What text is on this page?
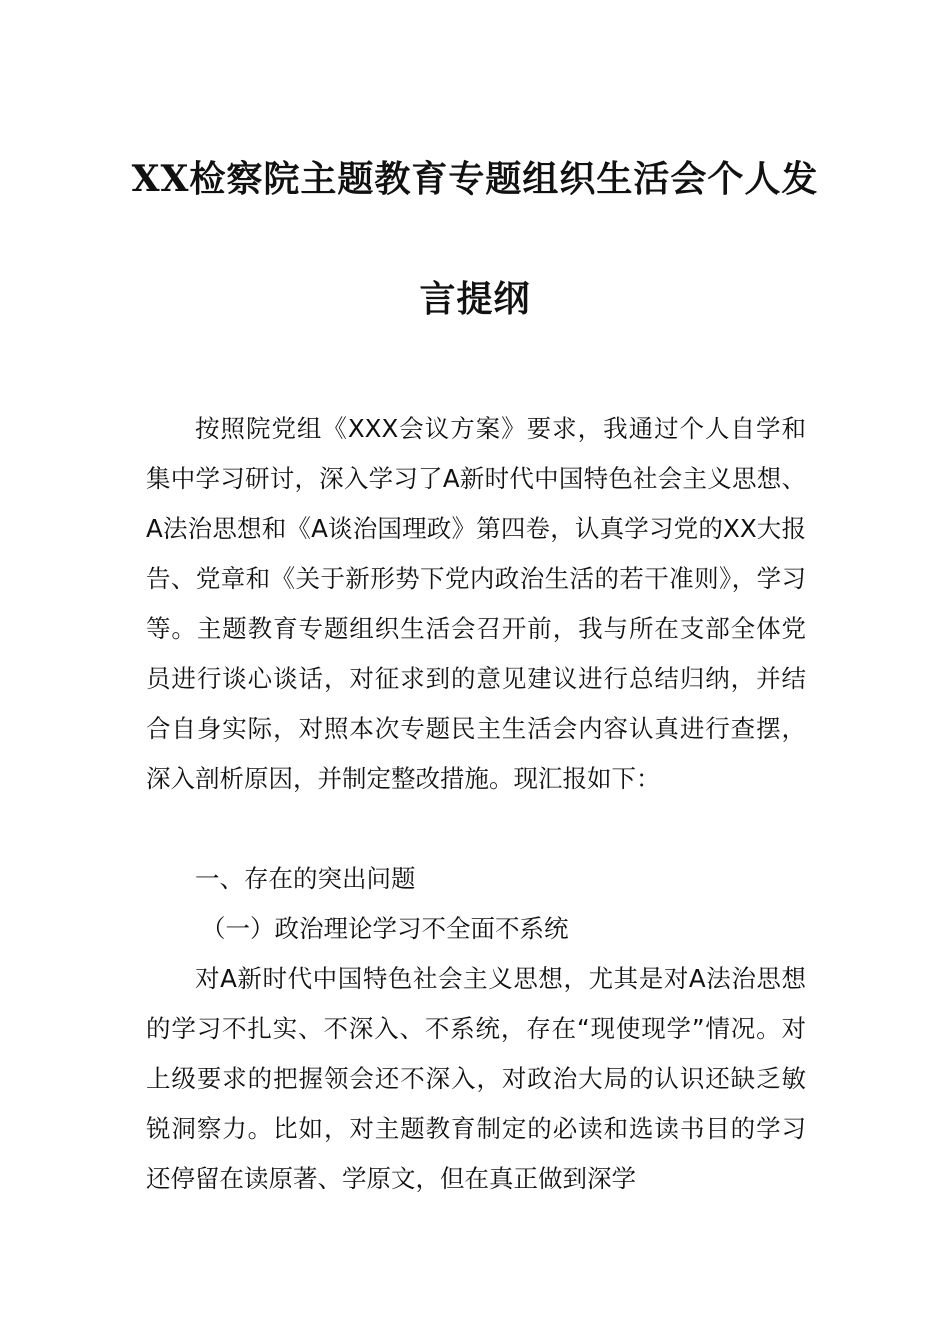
XX检察院主题教育专题组织生活会个人发
言提纲

按照院党组《XXX会议方案》要求，我通过个人自学和集中学习研讨，深入学习了A新时代中国特色社会主义思想、A法治思想和《A谈治国理政》第四卷，认真学习党的XX大报告、党章和《关于新形势下党内政治生活的若干准则》，学习等。主题教育专题组织生活会召开前，我与所在支部全体党员进行谈心谈话，对征求到的意见建议进行总结归纳，并结合自身实际，对照本次专题民主生活会内容认真进行查摆，深入剖析原因，并制定整改措施。现汇报如下：

一、存在的突出问题

（一）政治理论学习不全面不系统

对A新时代中国特色社会主义思想，尤其是对A法治思想的学习不扎实、不深入、不系统，存在“现使现学”情况。对上级要求的把握领会还不深入，对政治大局的认识还缺乏敏锐洞察力。比如，对主题教育制定的必读和选读书目的学习还停留在读原著、学原文，但在真正做到深学
